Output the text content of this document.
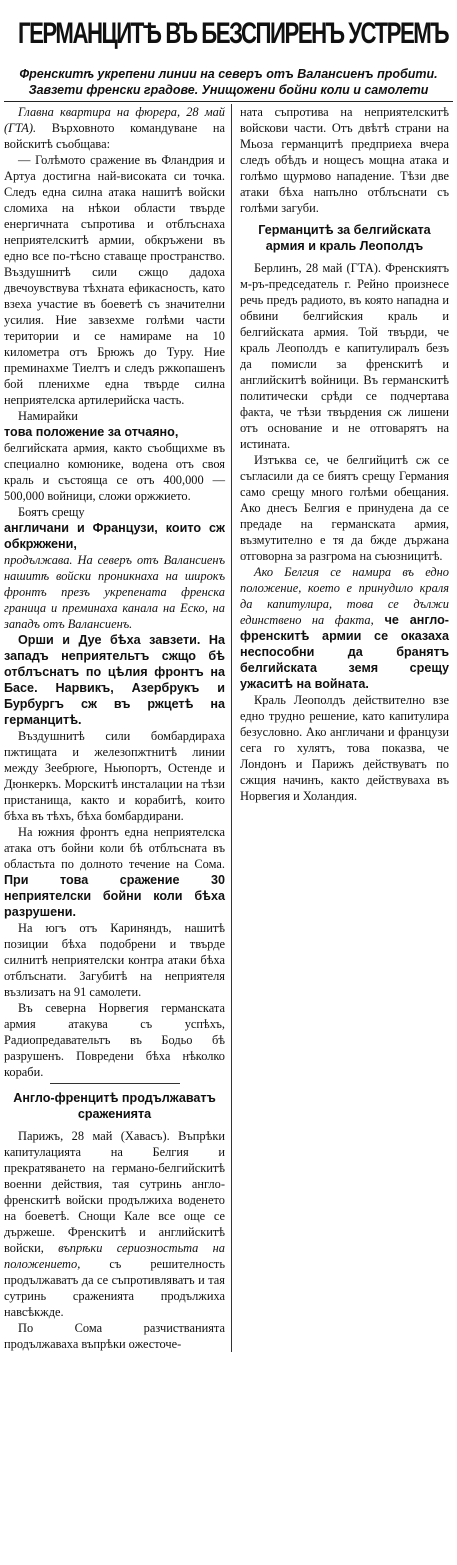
ГЕРМАНЦИТѢ ВЪ БЕЗСПИРЕНЪ УСТРЕМЪ
Френскитѣ укрепени линии на северъ отъ Валансиенъ пробити. Завзети френски градове. Унищожени бойни коли и самолети

Главна квартира на фюрера, 28 май (ГТА). Върховното командуване на войскитѣ съобщава:

— Голѣмото сражение въ Фландрия и Артуа достигна най-високата си точка. Следъ една силна атака нашитѣ войски сломиха на нѣкои области твърде енергичната съпротива и отблъснаха неприятелскитѣ армии, обкръжени въ едно все по-тѣсно ставаще пространство. Въздушнитѣ сили сжщо дадоха двечоувствува тѣхната ефикасность, като взеха участие въ боеветѣ съ значителни усилия. Ние завзехме голѣми части територии и се намираме на 10 километра отъ Брюжъ до Туру. Ние преминахме Тиелтъ и следъ ржкопашенъ бой пленихме една твърде силна неприятелска артилерийска часть.

Намирайки

това положение за отчаяно,

белгийската армия, както съобщихме въ специално комюнике, водена отъ своя краль и състояща се отъ 400,000 — 500,000 войници, сложи оржжието.

Боятъ срещу

англичани и Французи, които сж обкржжени,

продължава. На северъ отъ Валансиенъ нашитѣ войски проникнаха на широкъ фронтъ презъ укрепената френска граница и преминаха канала на Еско, на западъ отъ Валансиенъ.

Орши и Дуе бѣха завзети. На западъ неприятельтъ сжщо бѣ отблъснатъ по цѣлия фронтъ на Басе. Нарвикъ, Азербрукъ и Бурбургъ сж въ ржцетѣ на германцитѣ.

Въздушнитѣ сили бомбардираха пжтищата и железопжтнитѣ линии между Зеебрюге, Ньюпортъ, Остенде и Дюнкеркъ. Морскитѣ инсталации на тѣзи пристанища, както и корабитѣ, които бѣха въ тѣхъ, бѣха бомбардирани.

На южния фронтъ една неприятелска атака отъ бойни коли бѣ отблъсната въ областьта по долното течение на Сома. При това сражение 30 неприятелски бойни коли бѣха разрушени.

На югъ отъ Кариняндъ, нашитѣ позиции бѣха подобрени и твърде силнитѣ неприятелски контра атаки бѣха отблъснати. Загубитѣ на неприятеля възлизатъ на 91 самолети.

Въ северна Норвегия германската армия атакува съ успѣхъ, Радиопредавательтъ въ Бодьо бѣ разрушенъ. Повредени бѣха нѣколко кораби.

Англо-френцитѣ продължаватъ сраженията

Парижъ, 28 май (Хавасъ). Въпрѣки капитулацията на Белгия и прекратяването на германо-белгийскитѣ военни действия, тая сутринь англо-френскитѣ войски продължиха воденето на боеветѣ. Снощи Кале все още се държеше. Френскитѣ и английскитѣ войски, въпрѣки сериозностьта на положението, съ решителность продължаватъ да се съпротивляватъ и тая сутринь сраженията продължиха навсѣкжде.

По Сома разчистванията продължаваха въпрѣки ожесточе-

ната съпротива на неприятелскитѣ войскови части. Отъ двѣтѣ страни на Мьоза германцитѣ предприеха вчера следъ обѣдъ и нощесъ мощна атака и голѣмо щурмово нападение. Тѣзи две атаки бѣха напълно отблъснати съ голѣми загуби.

Германцитѣ за белгийската армия и краль Леополдъ

Берлинъ, 28 май (ГТА). Френскиятъ м-ръ-председатель г. Рейно произнесе речь предъ радиото, въ която нападна и обвини белгийския краль и белгийската армия. Той твърди, че краль Леополдъ е капитулиралъ безъ да помисли за френскитѣ и английскитѣ войници. Въ германскитѣ политически срѣди се подчертава факта, че тѣзи твърдения сж лишени отъ основание и не отговарятъ на истината.

Изтъква се, че белгийцитѣ сж се съгласили да се биятъ срещу Германия само срещу много голѣми обещания. Ако днесъ Белгия е принудена да се предаде на германската армия, възмутително е тя да бжде държана отговорна за разгрома на съюзницитѣ.

Ако Белгия се намира въ едно положение, което е принудило краля да капитулира, това се дължи единствено на факта, че англо-френскитѣ армии се оказаха неспособни да бранятъ белгийската земя срещу ужаситѣ на войната.

Краль Леополдъ действително взе едно трудно решение, като капитулира безусловно. Ако англичани и французи сега го хулятъ, това показва, че Лондонъ и Парижъ действуватъ по сжщия начинъ, както действуваха въ Норвегия и Холандия.
